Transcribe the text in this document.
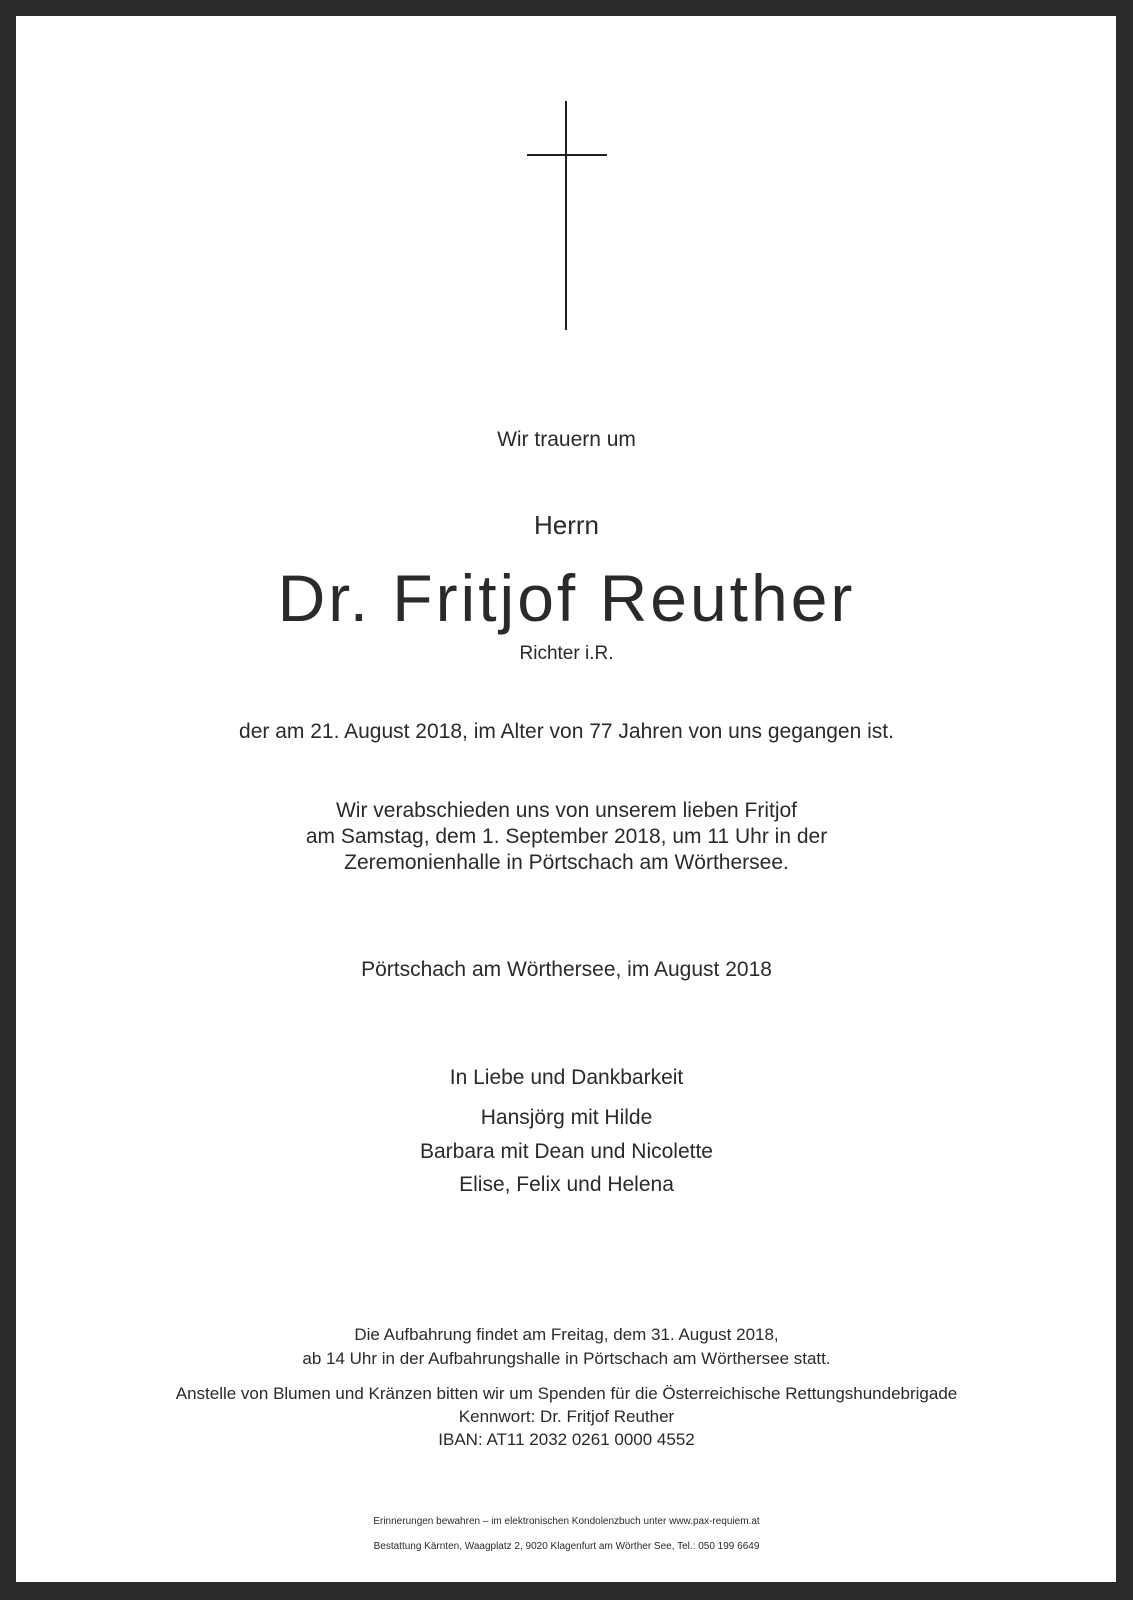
Wir trauern um
Herrn
Dr. Fritjof Reuther
Richter i.R.
der am 21. August 2018, im Alter von 77 Jahren von uns gegangen ist.
Wir verabschieden uns von unserem lieben Fritjof
am Samstag, dem 1. September 2018, um 11 Uhr in der
Zeremonienhalle in Pörtschach am Wörthersee.
Pörtschach am Wörthersee, im August 2018
In Liebe und Dankbarkeit
Hansjörg mit Hilde
Barbara mit Dean und Nicolette
Elise, Felix und Helena
Die Aufbahrung findet am Freitag, dem 31. August 2018,
ab 14 Uhr in der Aufbahrungshalle in Pörtschach am Wörthersee statt.
Anstelle von Blumen und Kränzen bitten wir um Spenden für die Österreichische Rettungshundebrigade
Kennwort: Dr. Fritjof Reuther
IBAN: AT11 2032 0261 0000 4552
Erinnerungen bewahren – im elektronischen Kondolenzbuch unter www.pax-requiem.at
Bestattung Kärnten, Waagplatz 2, 9020 Klagenfurt am Wörther See, Tel.: 050 199 6649
